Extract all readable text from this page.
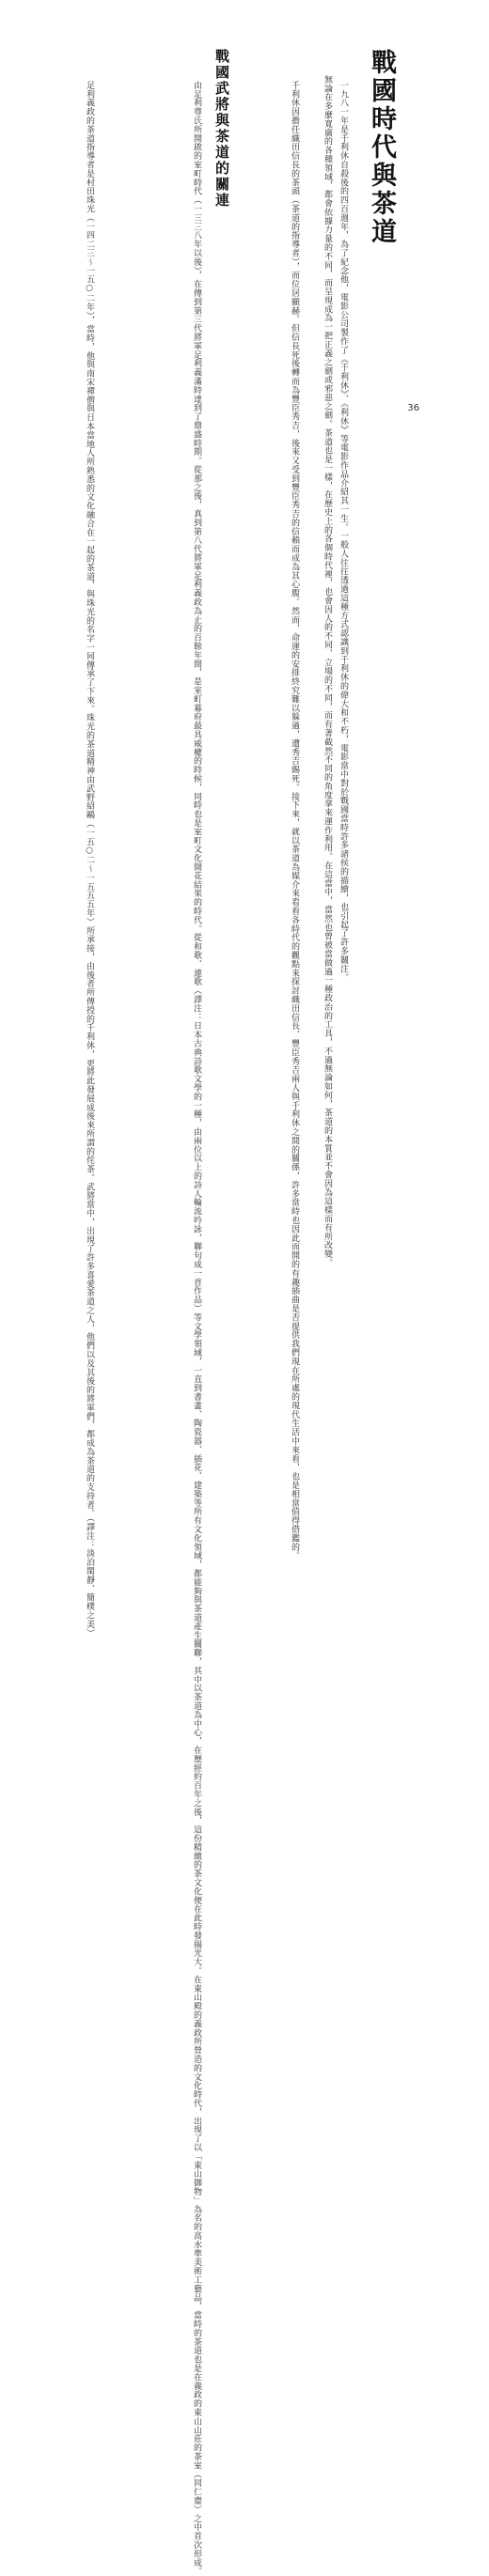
戰國時代與茶道
一九八一年是千利休自殺後的四百週年，為了紀念他，電影公司製作了《千利休》、《利休》等電影作品介紹其一生。一般人往往透過這種方式認識到千利休的偉大和不朽，電影當中對於戰國當時許多諸侯的描繪，也引起了許多關注。
無論在多麼寬廣的各種領域，都會依據力量的不同，而呈現成為一把正義之劍或邪惡之劍。茶道也是一樣，在歷史上的各個時代裡，也會因人的不同、立場的不同，而有著截然不同的角度拿來運作利用。在這當中，當然也曾被當做過一種政治的工具，不過無論如何，茶道的本質並不會因為這樣而有所改變。
千利休因擔任織田信長的茶頭（茶道的指導者），而位居顯赫。但信長死後轉而為豐臣秀吉，後來又受到豐臣秀吉的信賴而成為其心腹。然而，命運的安排終究難以躲過，遭秀吉賜死。接下來，就以茶道為媒介來看看各時代的觀點來探討織田信長、豐臣秀吉兩人與千利休之間的關係，許多當時也因此而開的有趣插曲是否提供我們現在所處的現代生活中來看，也是相當值得借鑑的。
戰國武將與茶道的關連
由足利尊氏所開啟的室町時代（一三三八年以後），在傳到第三代將軍足利義滿時達到了鼎盛時期。從那之後，真到第八代將軍足利義政為止的百餘年間，是室町幕府最具威權的時候，同時也是室町文化開花結果的時代。從和歌、連歌（譯注：日本古典詩歌文學的一種，由兩位以上的詩人輪流吟詠，聯句成一首作品）等文學領域，一直到書畫、陶瓷器、插花、建築等所有文化領域，都能夠與茶道產生關聯，其中以茶道為中心，在歷經約百年之後，這份精緻的茶文化便在此時發揚光大。在東山殿的義政所營造的文化時代，出現了以「東山御物」為名的高水準美術工藝品，當時的茶道也是在義政的東山山莊的茶室（同仁齋）之中首次形成。
足利義政的茶道指導者是村田珠光（一四二三～一五○二年），當時，他與南宋禪僧與日本當地人所熟悉的文化融合在一起的茶道，與珠光的名字一同傳承了下來。珠光的茶道精神由武野紹鷗（一五○二～一五五五年）所承接，由後者所傳授的千利休，更將此發展成後來所謂的侘茶。武將當中，出現了許多喜愛茶道之人，他們以及其後的將軍們，都成為茶道的支持者。（譯注：淡泊閑靜、簡樸之美）	36
